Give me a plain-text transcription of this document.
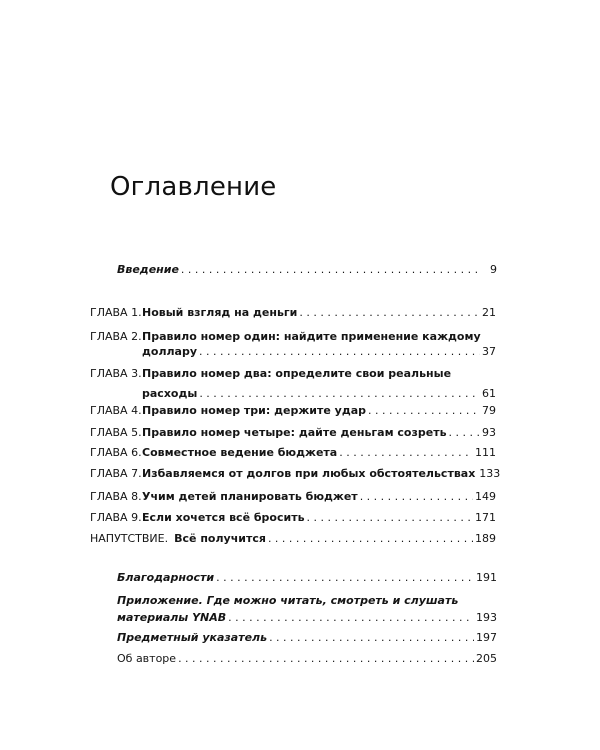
Оглавление
Введение . . .	9
ГЛАВА 1. Новый взгляд на деньги . . .	21
ГЛАВА 2. Правило номер один: найдите применение каждому
доллару . . .	37
ГЛАВА 3. Правило номер два: определите свои реальные
расходы . . .	61
ГЛАВА 4. Правило номер три: держите удар . . .	79
ГЛАВА 5. Правило номер четыре: дайте деньгам созреть . . .	93
ГЛАВА 6. Совместное ведение бюджета . . .	111
ГЛАВА 7. Избавляемся от долгов при любых обстоятельствах 133
ГЛАВА 8. Учим детей планировать бюджет . . .	149
ГЛАВА 9. Если хочется всё бросить . . .	171
НАПУТСТВИЕ. Всё получится . . .	189
Благодарности . . .	191
Приложение. Где можно читать, смотреть и слушать
материалы YNAB . . .	193
Предметный указатель . . .	197
Об авторе . . .	205
